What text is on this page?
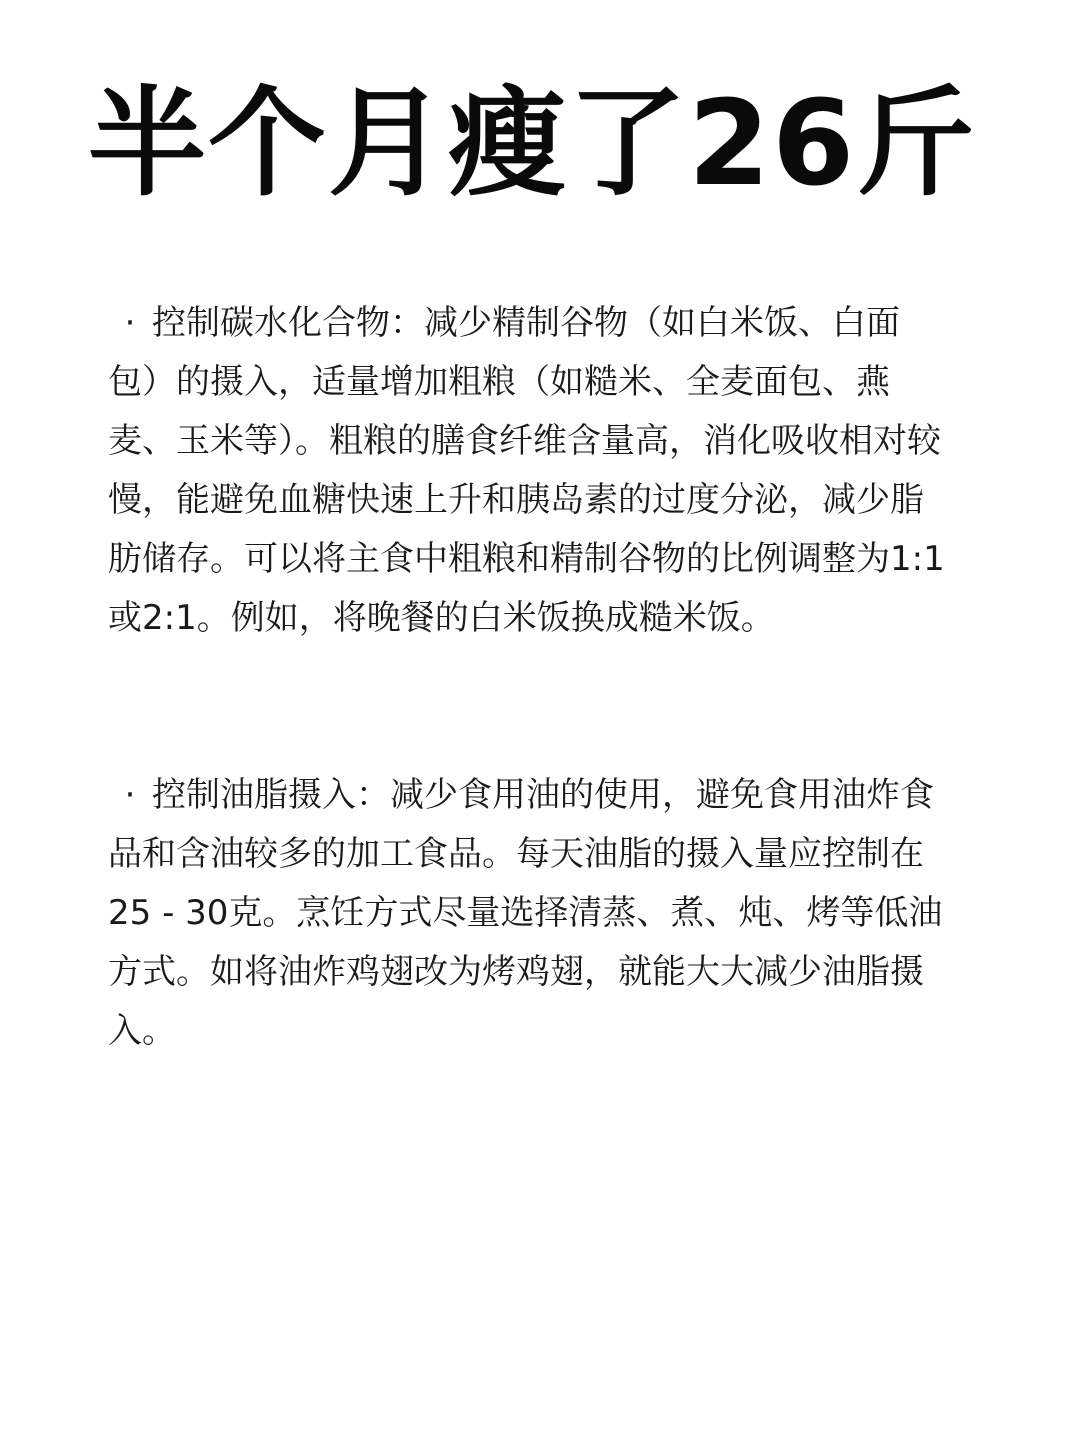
半个月瘦了26斤

· 控制碳水化合物：减少精制谷物（如白米饭、白面包）的摄入，适量增加粗粮（如糙米、全麦面包、燕麦、玉米等）。粗粮的膳食纤维含量高，消化吸收相对较慢，能避免血糖快速上升和胰岛素的过度分泌，减少脂肪储存。可以将主食中粗粮和精制谷物的比例调整为1:1或2:1。例如，将晚餐的白米饭换成糙米饭。

· 控制油脂摄入：减少食用油的使用，避免食用油炸食品和含油较多的加工食品。每天油脂的摄入量应控制在25 - 30克。烹饪方式尽量选择清蒸、煮、炖、烤等低油方式。如将油炸鸡翅改为烤鸡翅，就能大大减少油脂摄入。
